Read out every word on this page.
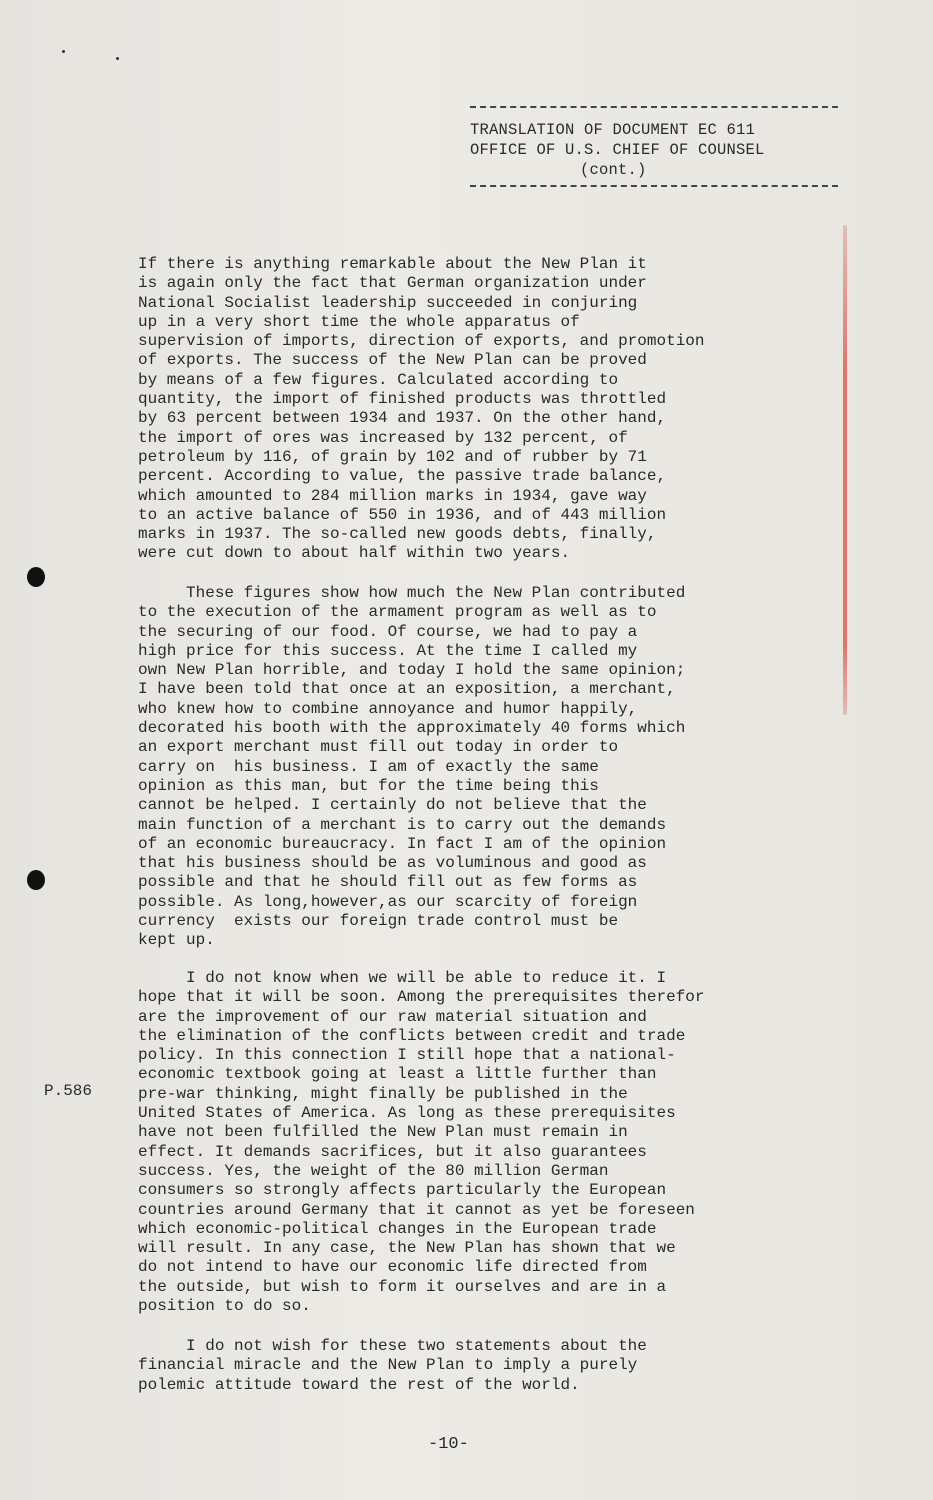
TRANSLATION OF DOCUMENT EC 611
OFFICE OF U.S. CHIEF OF COUNSEL
(cont.)
If there is anything remarkable about the New Plan it
is again only the fact that German organization under
National Socialist leadership succeeded in conjuring
up in a very short time the whole apparatus of
supervision of imports, direction of exports, and promotion
of exports. The success of the New Plan can be proved
by means of a few figures. Calculated according to
quantity, the import of finished products was throttled
by 63 percent between 1934 and 1937. On the other hand,
the import of ores was increased by 132 percent, of
petroleum by 116, of grain by 102 and of rubber by 71
percent. According to value, the passive trade balance,
which amounted to 284 million marks in 1934, gave way
to an active balance of 550 in 1936, and of 443 million
marks in 1937. The so-called new goods debts, finally,
were cut down to about half within two years.
These figures show how much the New Plan contributed
to the execution of the armament program as well as to
the securing of our food. Of course, we had to pay a
high price for this success. At the time I called my
own New Plan horrible, and today I hold the same opinion;
I have been told that once at an exposition, a merchant,
who knew how to combine annoyance and humor happily,
decorated his booth with the approximately 40 forms which
an export merchant must fill out today in order to
carry on  his business. I am of exactly the same
opinion as this man, but for the time being this
cannot be helped. I certainly do not believe that the
main function of a merchant is to carry out the demands
of an economic bureaucracy. In fact I am of the opinion
that his business should be as voluminous and good as
possible and that he should fill out as few forms as
possible. As long,however,as our scarcity of foreign
currency  exists our foreign trade control must be
kept up.
I do not know when we will be able to reduce it. I
hope that it will be soon. Among the prerequisites therefor
are the improvement of our raw material situation and
the elimination of the conflicts between credit and trade
policy. In this connection I still hope that a national-
economic textbook going at least a little further than
pre-war thinking, might finally be published in the
United States of America. As long as these prerequisites
have not been fulfilled the New Plan must remain in
effect. It demands sacrifices, but it also guarantees
success. Yes, the weight of the 80 million German
consumers so strongly affects particularly the European
countries around Germany that it cannot as yet be foreseen
which economic-political changes in the European trade
will result. In any case, the New Plan has shown that we
do not intend to have our economic life directed from
the outside, but wish to form it ourselves and are in a
position to do so.
I do not wish for these two statements about the
financial miracle and the New Plan to imply a purely
polemic attitude toward the rest of the world.
P.586
-10-
